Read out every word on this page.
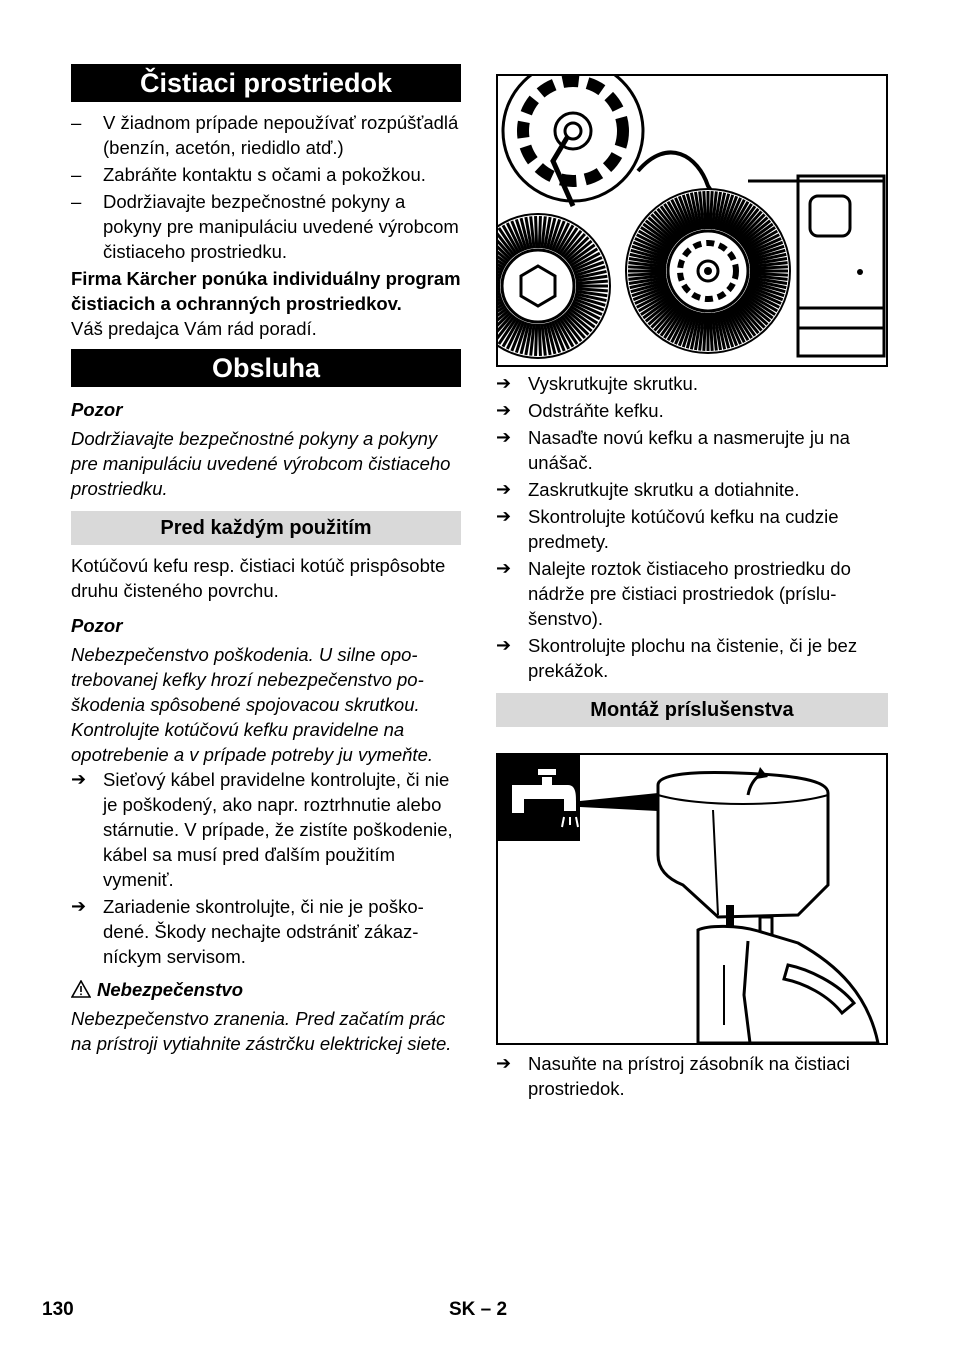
Čistiaci prostriedok
– V žiadnom prípade nepoužívať rozpúšťadlá (benzín, acetón, riedidlo atď.)
– Zabráňte kontaktu s očami a pokožkou.
– Dodržiavajte bezpečnostné pokyny a pokyny pre manipuláciu uvedené výrobcom čistiaceho prostriedku.

Firma Kärcher ponúka individuálny program čistiacich a ochranných prostriedkov.

Váš predajca Vám rád poradí.

Obsluha

Pozor

Dodržiavajte bezpečnostné pokyny a pokyny pre manipuláciu uvedené výrobcom čistiaceho prostriedku.

Pred každým použitím

Kotúčovú kefu resp. čistiaci kotúč prispôsobte druhu čisteného povrchu.

Pozor

Nebezpečenstvo poškodenia. U silne opotrebovanej kefky hrozí nebezpečenstvo poškodenia spôsobené spojovacou skrutkou. Kontrolujte kotúčovú kefku pravidelne na opotrebenie a v prípade potreby ju vymeňte.

➔ Sieťový kábel pravidelne kontrolujte, či nie je poškodený, ako napr. roztrhnutie alebo stárnutie. V prípade, že zistíte poškodenie, kábel sa musí pred ďalším použitím vymeniť.
➔ Zariadenie skontrolujte, či nie je poškodené. Škody nechajte odstrániť zákazníckym servisom.

Nebezpečenstvo

Nebezpečenstvo zranenia. Pred začatím prác na prístroji vytiahnite zástrčku elektrickej siete.

➔ Vyskrutkujte skrutku.
➔ Odstráňte kefku.
➔ Nasaďte novú kefku a nasmerujte ju na unášač.
➔ Zaskrutkujte skrutku a dotiahnite.
➔ Skontrolujte kotúčovú kefku na cudzie predmety.
➔ Nalejte roztok čistiaceho prostriedku do nádrže pre čistiaci prostriedok (príslušenstvo).
➔ Skontrolujte plochu na čistenie, či je bez prekážok.
Montáž príslušenstva
➔ Nasuňte na prístroj zásobník na čistiaci prostriedok.
130	SK – 2
